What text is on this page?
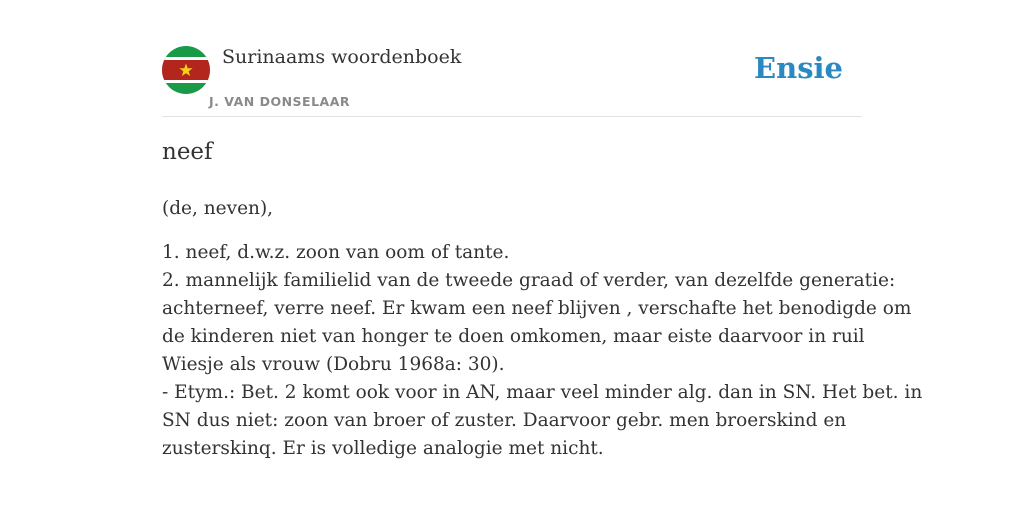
Surinaams woordenboek
J. VAN DONSELAAR
Ensie
neef

(de, neven),

1. neef, d.w.z. zoon van oom of tante.
2. mannelijk familielid van de tweede graad of verder, van dezelfde generatie:
achterneef, verre neef. Er kwam een neef blijven , verschafte het benodigde om
de kinderen niet van honger te doen omkomen, maar eiste daarvoor in ruil
Wiesje als vrouw (Dobru 1968a: 30).
- Etym.: Bet. 2 komt ook voor in AN, maar veel minder alg. dan in SN. Het bet. in
SN dus niet: zoon van broer of zuster. Daarvoor gebr. men broerskind en
zusterskinq. Er is volledige analogie met nicht.
